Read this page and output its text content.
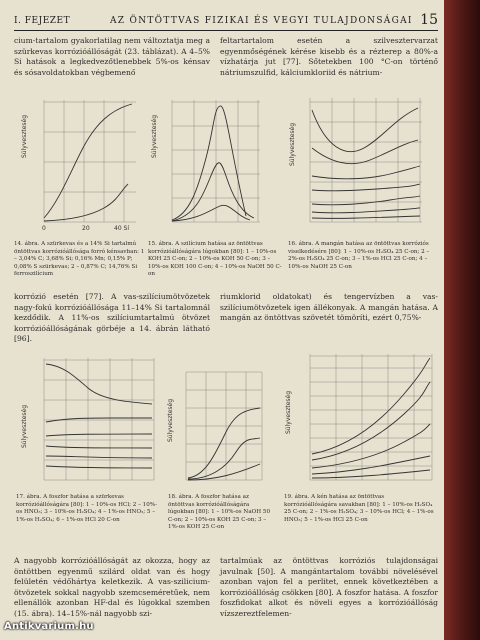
I. FEJEZET	AZ ÖNTÖTTVAS FIZIKAI ÉS VEGYI TULAJDONSÁGAI 15

cium-tartalom gyakorlatilag nem változtatja meg a szürkevas korrózióállóságát (23. táblázat). A 4–5% Si hatások a legkedvezőtlenebbek 5%-os kénsav és sósavoldatokban végbemenő

feltartartalom esetén a szilvesztervarzat egyenmőségének kérése kisebb és a rézterep a 80%-a vízhatárja jut [77]. Sőtetekben 100 °C-on történő nátriumszulfid, kálciumkloriid és nátrium-

Súlyveszteség
0	20	40 Sí
14. ábra. A szürkevas és a 14% Si tartalmú öntöttvas korrózióállósága forró kénsavban: 1 – 3,04% C; 3,68% Si; 0,16% Mn; 0,15% P; 0,08% S szürkevas; 2 – 0,87% C; 14,76% Si ferroszilícium
Súlyveszteség
15. ábra. A szilícium hatása az öntöttvas korrózióállóságára lúgokban [80]: 1 – 10%-os KOH 25 C-on; 2 – 10%-os KOH 50 C-on; 3 – 10%-os KOH 100 C-on; 4 – 10%-os NaOH 50 C-on
Súlyveszteség
16. ábra. A mangán hatása az öntöttvas korróziós viselkedésére [80]: 1 – 10%-os H₂SO₄ 25 C-on; 2 – 2%-os H₂SO₄ 25 C-on; 3 – 1%-os HCl 25 C-on; 4 – 10%-os NaOH 25 C-on

korrózió esetén [77]. A vas-szilíciumötvözetek nagy-fokú korrózióállósága 11–14% Si tartalomnál kezdődik. A 11%-os szilíciumtartalmú ötvözet korrózióállóságának görbéje a 14. ábrán látható [96].

riumklorid oldatokat) és tengervízben a vas-szilíciumötvözetek igen állékonyak. A mangán hatása. A mangán az öntöttvas szövetét tömöríti, ezért 0,75%-

Súlyveszteség
17. ábra. A foszfor hatása a szürkevas korrózióállóságára [80]: 1 – 10%-os HCl; 2 – 10%-os HNO₃; 3 – 10%-os H₂SO₄; 4 – 1%-os HNO₃; 5 – 1%-os H₂SO₄; 6 – 1%-os HCl 20 C-on
Súlyveszteség
18. ábra. A foszfor hatása az öntöttvas korrózióállóságára lúgokban [80]: 1 – 10%-os NaOH 50 C-on; 2 – 10%-os KOH 25 C-on; 3 – 1%-os KOH 25 C-on
Súlyveszteség
19. ábra. A kén hatása az öntöttvas korrózióállóságára savakban [80]: 1 – 10%-os H₂SO₄ 25 C-on; 2 – 1%-os H₂SO₄; 3 – 10%-os HCl; 4 – 1%-os HNO₃; 5 – 1%-os HCl 25 C-on

A nagyobb korrózióállóságát az okozza, hogy az öntöttben egyenmű szilárd oldat van és hogy felületén védőhártya keletkezik. A vas-szilicium-ötvözetek sokkal nagyobb szemcseméretűek, nem ellenállók azonban HF-dal és lúgokkal szemben (15. ábra). 14–15%-nál nagyobb szi-

tartalmúak az öntöttvas korróziós tulajdonságai javulnak [50]. A mangántartalom további növelésével azonban vajon fel a perlitet, ennek következtében a korrózióállóság csökken [80]. A foszfor hatása. A foszfor foszfidokat alkot és növeli egyes a korrózióállóság vízszereztfelemen-

Antikvarium.hu
